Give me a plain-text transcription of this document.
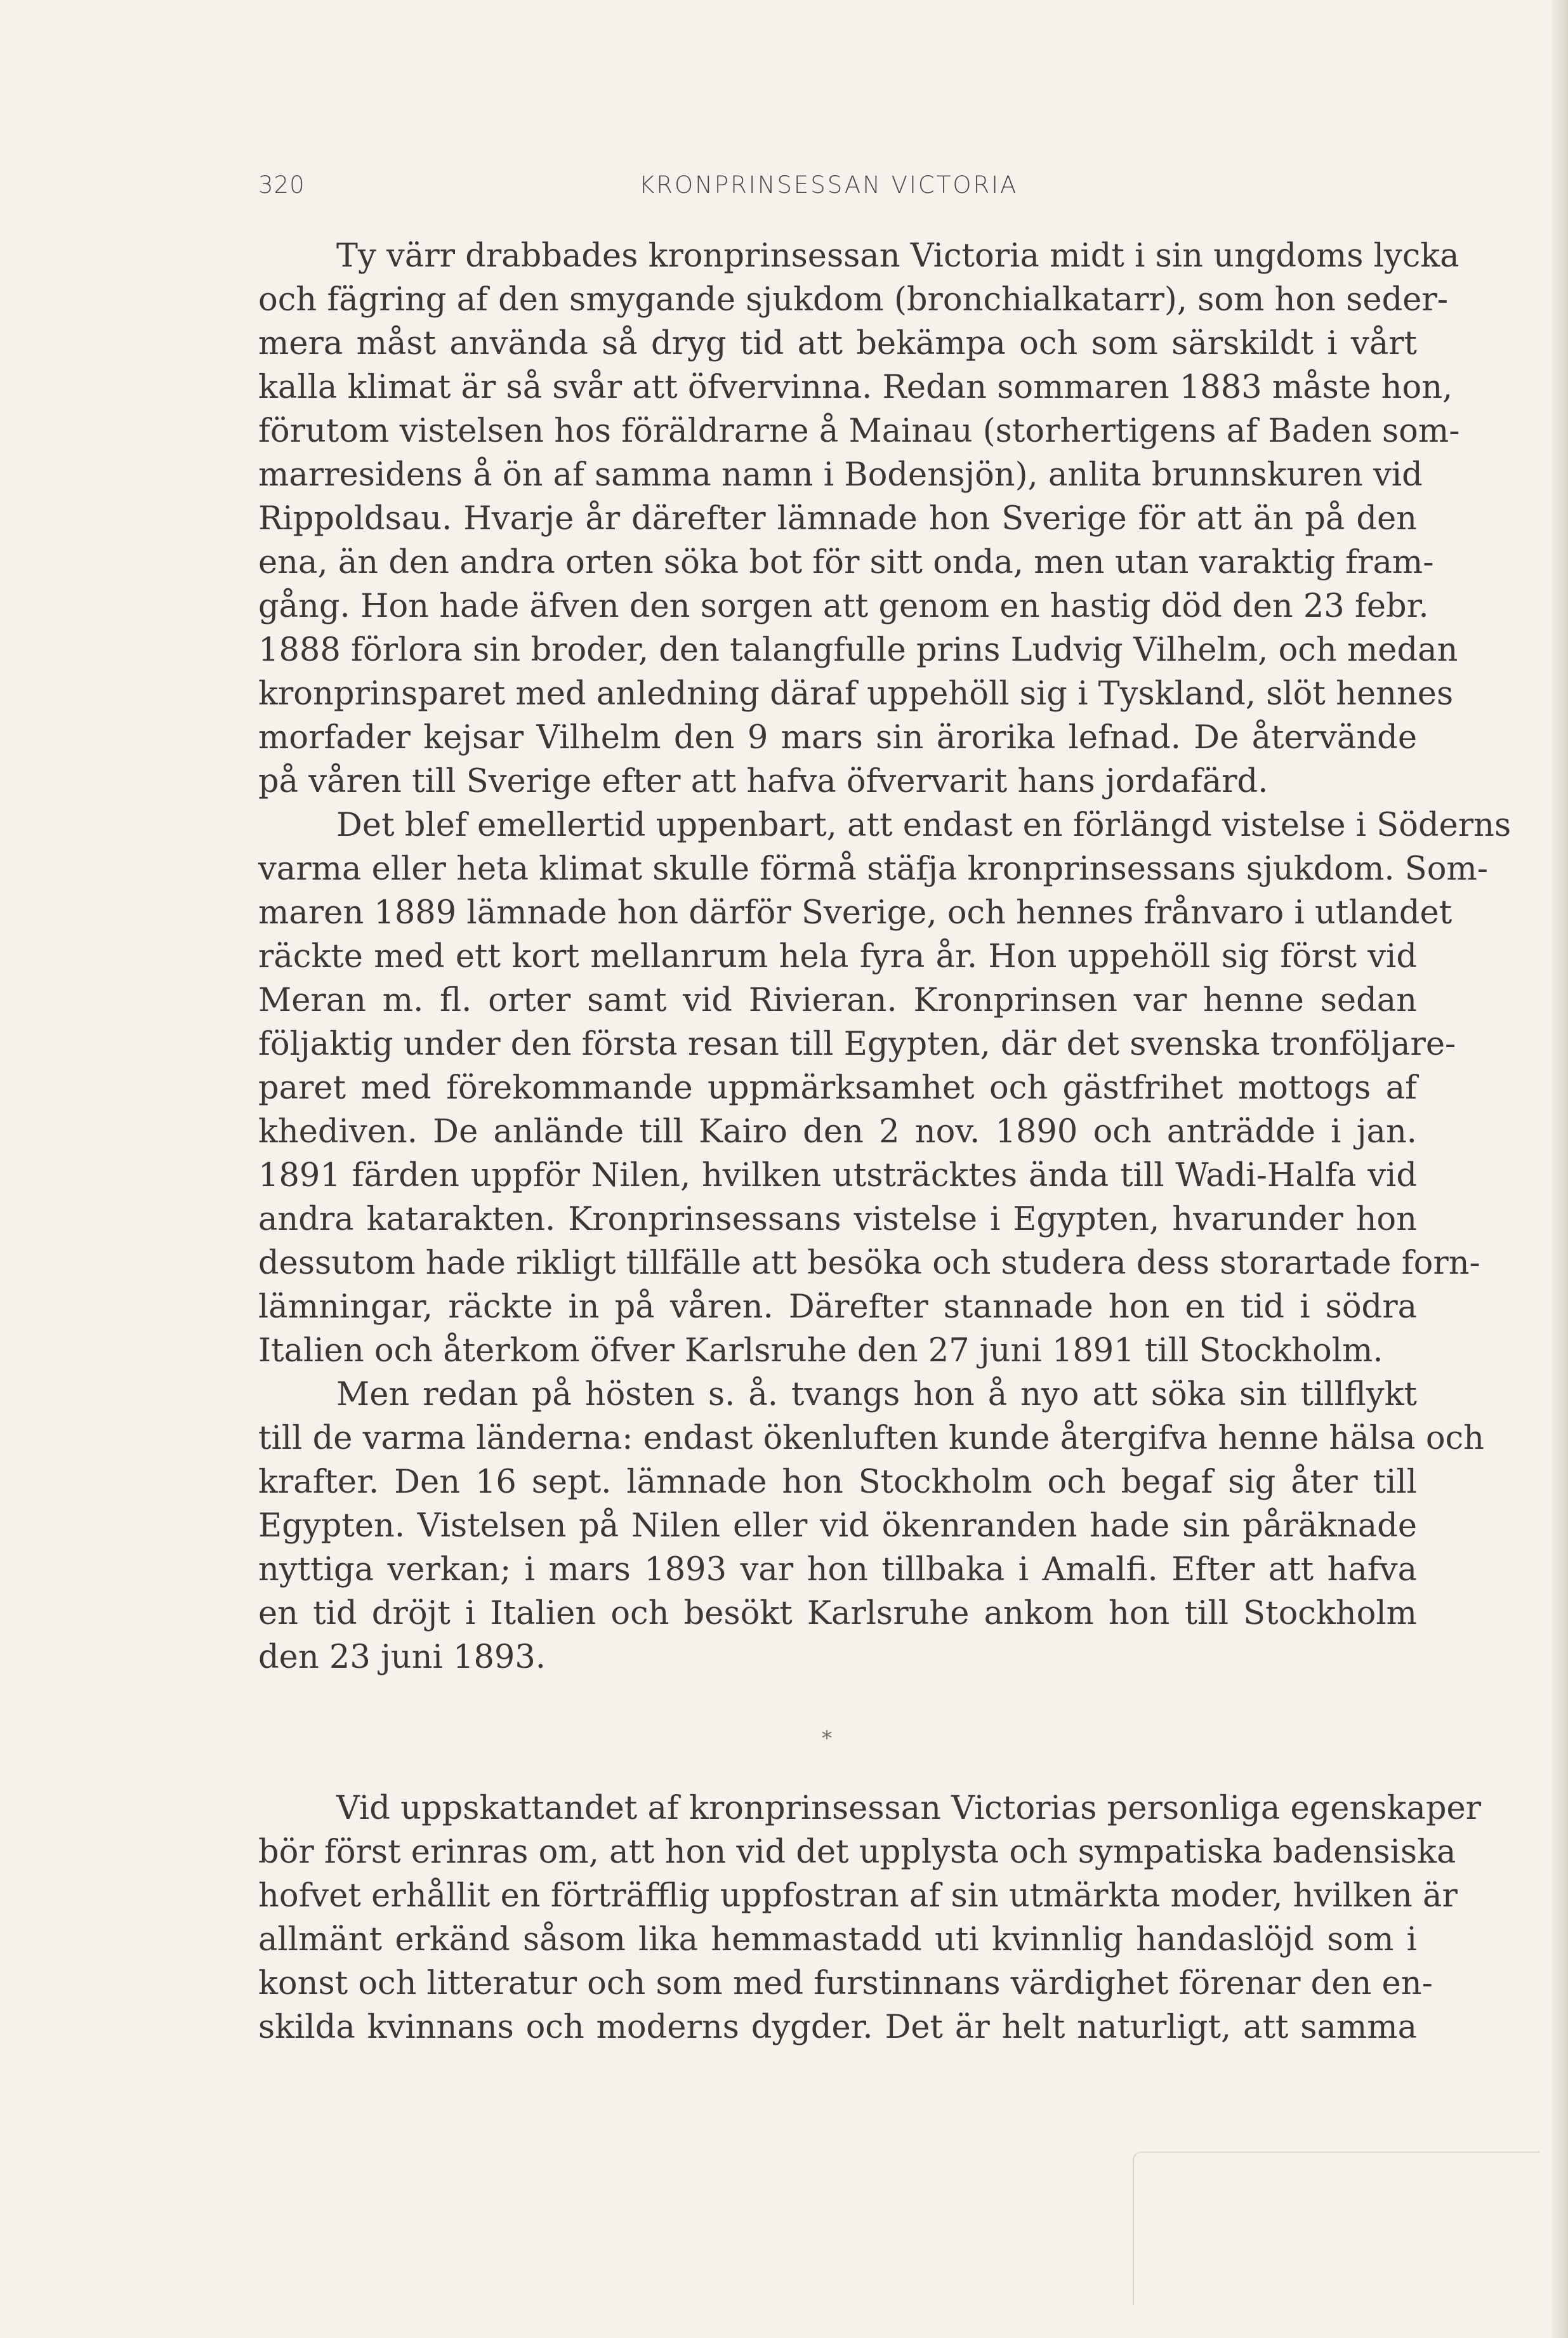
320	KRONPRINSESSAN VICTORIA
Ty värr drabbades kronprinsessan Victoria midt i sin ungdoms lycka
och fägring af den smygande sjukdom (bronchialkatarr), som hon seder-
mera måst använda så dryg tid att bekämpa och som särskildt i vårt
kalla klimat är så svår att öfvervinna. Redan sommaren 1883 måste hon,
förutom vistelsen hos föräldrarne å Mainau (storhertigens af Baden som-
marresidens å ön af samma namn i Bodensjön), anlita brunnskuren vid
Rippoldsau. Hvarje år därefter lämnade hon Sverige för att än på den
ena, än den andra orten söka bot för sitt onda, men utan varaktig fram-
gång. Hon hade äfven den sorgen att genom en hastig död den 23 febr.
1888 förlora sin broder, den talangfulle prins Ludvig Vilhelm, och medan
kronprinsparet med anledning däraf uppehöll sig i Tyskland, slöt hennes
morfader kejsar Vilhelm den 9 mars sin ärorika lefnad. De återvände
på våren till Sverige efter att hafva öfvervarit hans jordafärd.
Det blef emellertid uppenbart, att endast en förlängd vistelse i Söderns
varma eller heta klimat skulle förmå stäfja kronprinsessans sjukdom. Som-
maren 1889 lämnade hon därför Sverige, och hennes frånvaro i utlandet
räckte med ett kort mellanrum hela fyra år. Hon uppehöll sig först vid
Meran m. fl. orter samt vid Rivieran. Kronprinsen var henne sedan
följaktig under den första resan till Egypten, där det svenska tronföljare-
paret med förekommande uppmärksamhet och gästfrihet mottogs af
khediven. De anlände till Kairo den 2 nov. 1890 och anträdde i jan.
1891 färden uppför Nilen, hvilken utsträcktes ända till Wadi-Halfa vid
andra katarakten. Kronprinsessans vistelse i Egypten, hvarunder hon
dessutom hade rikligt tillfälle att besöka och studera dess storartade forn-
lämningar, räckte in på våren. Därefter stannade hon en tid i södra
Italien och återkom öfver Karlsruhe den 27 juni 1891 till Stockholm.
Men redan på hösten s. å. tvangs hon å nyo att söka sin tillflykt
till de varma länderna: endast ökenluften kunde återgifva henne hälsa och
krafter. Den 16 sept. lämnade hon Stockholm och begaf sig åter till
Egypten. Vistelsen på Nilen eller vid ökenranden hade sin påräknade
nyttiga verkan; i mars 1893 var hon tillbaka i Amalfi. Efter att hafva
en tid dröjt i Italien och besökt Karlsruhe ankom hon till Stockholm
den 23 juni 1893.
*
Vid uppskattandet af kronprinsessan Victorias personliga egenskaper
bör först erinras om, att hon vid det upplysta och sympatiska badensiska
hofvet erhållit en förträfflig uppfostran af sin utmärkta moder, hvilken är
allmänt erkänd såsom lika hemmastadd uti kvinnlig handaslöjd som i
konst och litteratur och som med furstinnans värdighet förenar den en-
skilda kvinnans och moderns dygder. Det är helt naturligt, att samma
